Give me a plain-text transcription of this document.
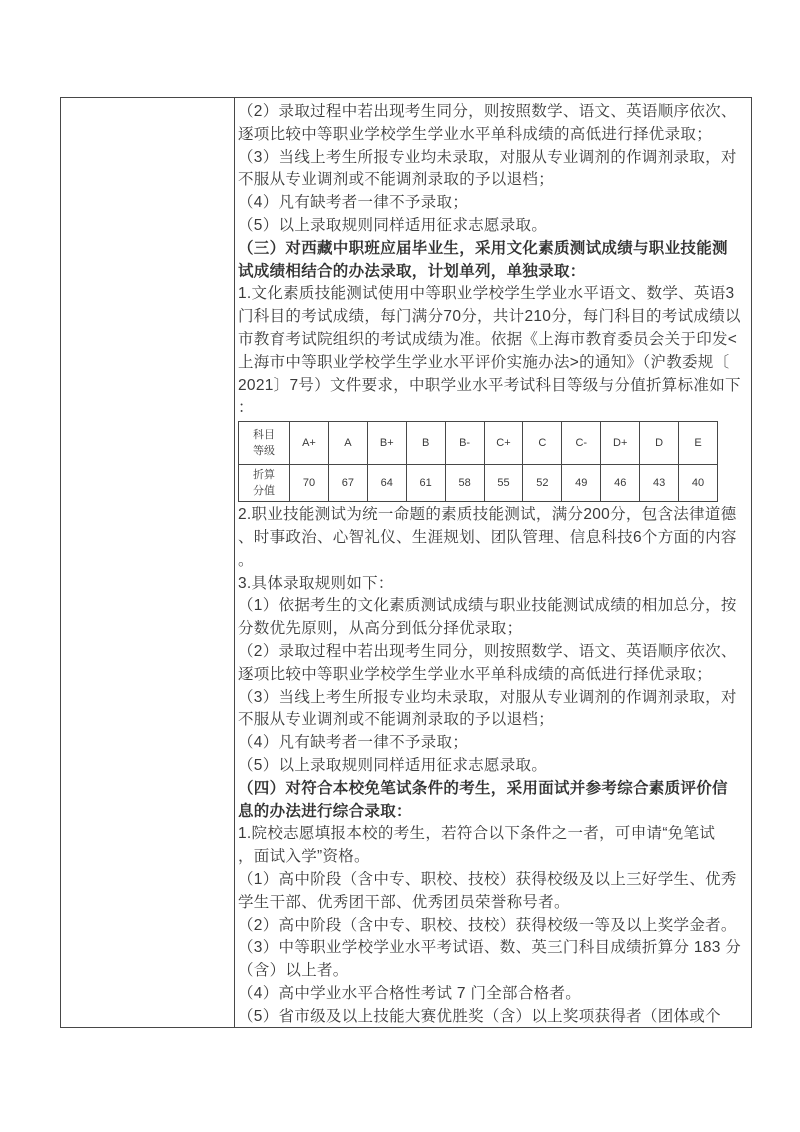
（2）录取过程中若出现考生同分，则按照数学、语文、英语顺序依次、
逐项比较中等职业学校学生学业水平单科成绩的高低进行择优录取；
（3）当线上考生所报专业均未录取，对服从专业调剂的作调剂录取，对
不服从专业调剂或不能调剂录取的予以退档；
（4）凡有缺考者一律不予录取；
（5）以上录取规则同样适用征求志愿录取。
（三）对西藏中职班应届毕业生，采用文化素质测试成绩与职业技能测
试成绩相结合的办法录取，计划单列，单独录取：
1.文化素质技能测试使用中等职业学校学生学业水平语文、数学、英语3
门科目的考试成绩，每门满分70分，共计210分，每门科目的考试成绩以
市教育考试院组织的考试成绩为准。依据《上海市教育委员会关于印发<
上海市中等职业学校学生学业水平评价实施办法>的通知》（沪教委规〔
2021〕7号）文件要求，中职学业水平考试科目等级与分值折算标准如下
：
科目
等级	A+	A	B+	B	B-	C+	C	C-	D+	D	E

折算
分值	70	67	64	61	58	55	52	49	46	43	40
2.职业技能测试为统一命题的素质技能测试，满分200分，包含法律道德
、时事政治、心智礼仪、生涯规划、团队管理、信息科技6个方面的内容
。
3.具体录取规则如下：
（1）依据考生的文化素质测试成绩与职业技能测试成绩的相加总分，按
分数优先原则，从高分到低分择优录取；
（2）录取过程中若出现考生同分，则按照数学、语文、英语顺序依次、
逐项比较中等职业学校学生学业水平单科成绩的高低进行择优录取；
（3）当线上考生所报专业均未录取，对服从专业调剂的作调剂录取，对
不服从专业调剂或不能调剂录取的予以退档；
（4）凡有缺考者一律不予录取；
（5）以上录取规则同样适用征求志愿录取。
（四）对符合本校免笔试条件的考生，采用面试并参考综合素质评价信
息的办法进行综合录取：
1.院校志愿填报本校的考生，若符合以下条件之一者，可申请“免笔试
，面试入学”资格。
（1）高中阶段（含中专、职校、技校）获得校级及以上三好学生、优秀
学生干部、优秀团干部、优秀团员荣誉称号者。
（2）高中阶段（含中专、职校、技校）获得校级一等及以上奖学金者。
（3）中等职业学校学业水平考试语、数、英三门科目成绩折算分 183 分
（含）以上者。
（4）高中学业水平合格性考试 7 门全部合格者。
（5）省市级及以上技能大赛优胜奖（含）以上奖项获得者（团体或个
